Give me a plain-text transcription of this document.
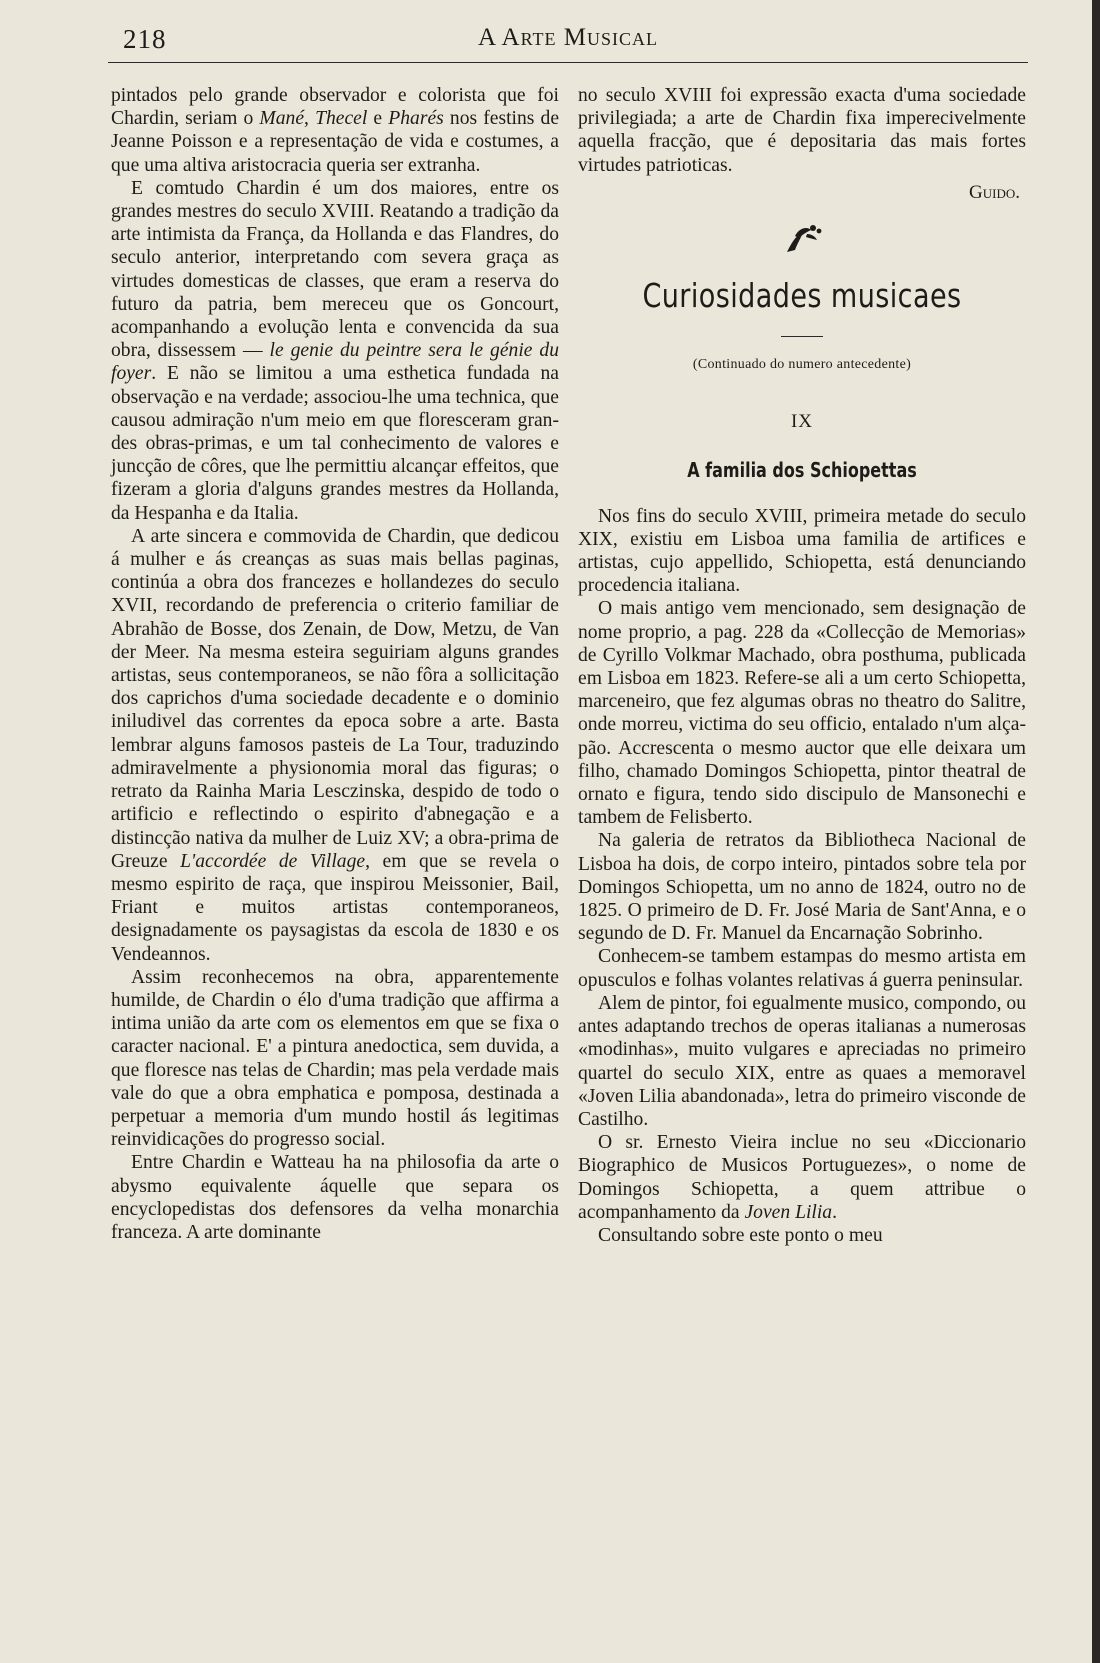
218	A Arte Musical

pintados pelo grande observador e colorista que foi Chardin, seriam o Mané, Thecel e Pharés nos festins de Jeanne Poisson e a representação de vida e costumes, a que uma altiva aristocracia queria ser extranha.

E comtudo Chardin é um dos maiores, entre os grandes mestres do seculo XVIII. Reatando a tradição da arte intimista da França, da Hollanda e das Flandres, do seculo anterior, interpretando com severa graça as virtudes domesticas de classes, que eram a reserva do futuro da patria, bem mereceu que os Goncourt, acompanhando a evolução lenta e convencida da sua obra, dissessem — le genie du peintre sera le génie du foyer. E não se limitou a uma esthetica fundada na observação e na verdade; associou-lhe uma technica, que causou admiração n'um meio em que floresceram grandes obras-primas, e um tal conhecimento de valores e juncção de côres, que lhe permittiu alcançar effeitos, que fizeram a gloria d'alguns grandes mestres da Hollanda, da Hespanha e da Italia.

A arte sincera e commovida de Chardin, que dedicou á mulher e ás creanças as suas mais bellas paginas, continúa a obra dos francezes e hollandezes do seculo XVII, recordando de preferencia o criterio familiar de Abrahão de Bosse, dos Zenain, de Dow, Metzu, de Van der Meer. Na mesma esteira seguiriam alguns grandes artistas, seus contemporaneos, se não fôra a sollicitação dos caprichos d'uma sociedade decadente e o dominio iniludivel das correntes da epoca sobre a arte. Basta lembrar alguns famosos pasteis de La Tour, traduzindo admiravelmente a physionomia moral das figuras; o retrato da Rainha Maria Lesczinska, despido de todo o artificio e reflectindo o espirito d'abnegação e a distincção nativa da mulher de Luiz XV; a obra-prima de Greuze L'accordée de Village, em que se revela o mesmo espirito de raça, que inspirou Meissonier, Bail, Friant e muitos artistas contemporaneos, designadamente os paysagistas da escola de 1830 e os Vendeannos.

Assim reconhecemos na obra, apparentemente humilde, de Chardin o élo d'uma tradição que affirma a intima união da arte com os elementos em que se fixa o caracter nacional. E' a pintura anedoctica, sem duvida, a que floresce nas telas de Chardin; mas pela verdade mais vale do que a obra emphatica e pomposa, destinada a perpetuar a memoria d'um mundo hostil ás legitimas reinvidicações do progresso social.

Entre Chardin e Watteau ha na philosofia da arte o abysmo equivalente áquelle que separa os encyclopedistas dos defensores da velha monarchia franceza. A arte dominante

no seculo XVIII foi expressão exacta d'uma sociedade privilegiada; a arte de Chardin fixa imperecivelmente aquella fracção, que é depositaria das mais fortes virtudes patrioticas.

Guido.
Curiosidades musicaes
(Continuado do numero antecedente)
IX
A familia dos Schiopettas

Nos fins do seculo XVIII, primeira metade do seculo XIX, existiu em Lisboa uma familia de artifices e artistas, cujo appellido, Schiopetta, está denunciando procedencia italiana.

O mais antigo vem mencionado, sem designação de nome proprio, a pag. 228 da «Collecção de Memorias» de Cyrillo Volkmar Machado, obra posthuma, publicada em Lisboa em 1823. Refere-se ali a um certo Schiopetta, marceneiro, que fez algumas obras no theatro do Salitre, onde morreu, victima do seu officio, entalado n'um alçapão. Accrescenta o mesmo auctor que elle deixara um filho, chamado Domingos Schiopetta, pintor theatral de ornato e figura, tendo sido discipulo de Mansonechi e tambem de Felisberto.

Na galeria de retratos da Bibliotheca Nacional de Lisboa ha dois, de corpo inteiro, pintados sobre tela por Domingos Schiopetta, um no anno de 1824, outro no de 1825. O primeiro de D. Fr. José Maria de Sant'Anna, e o segundo de D. Fr. Manuel da Encarnação Sobrinho.

Conhecem-se tambem estampas do mesmo artista em opusculos e folhas volantes relativas á guerra peninsular.

Alem de pintor, foi egualmente musico, compondo, ou antes adaptando trechos de operas italianas a numerosas «modinhas», muito vulgares e apreciadas no primeiro quartel do seculo XIX, entre as quaes a memoravel «Joven Lilia abandonada», letra do primeiro visconde de Castilho.

O sr. Ernesto Vieira inclue no seu «Diccionario Biographico de Musicos Portuguezes», o nome de Domingos Schiopetta, a quem attribue o acompanhamento da Joven Lilia.

Consultando sobre este ponto o meu
